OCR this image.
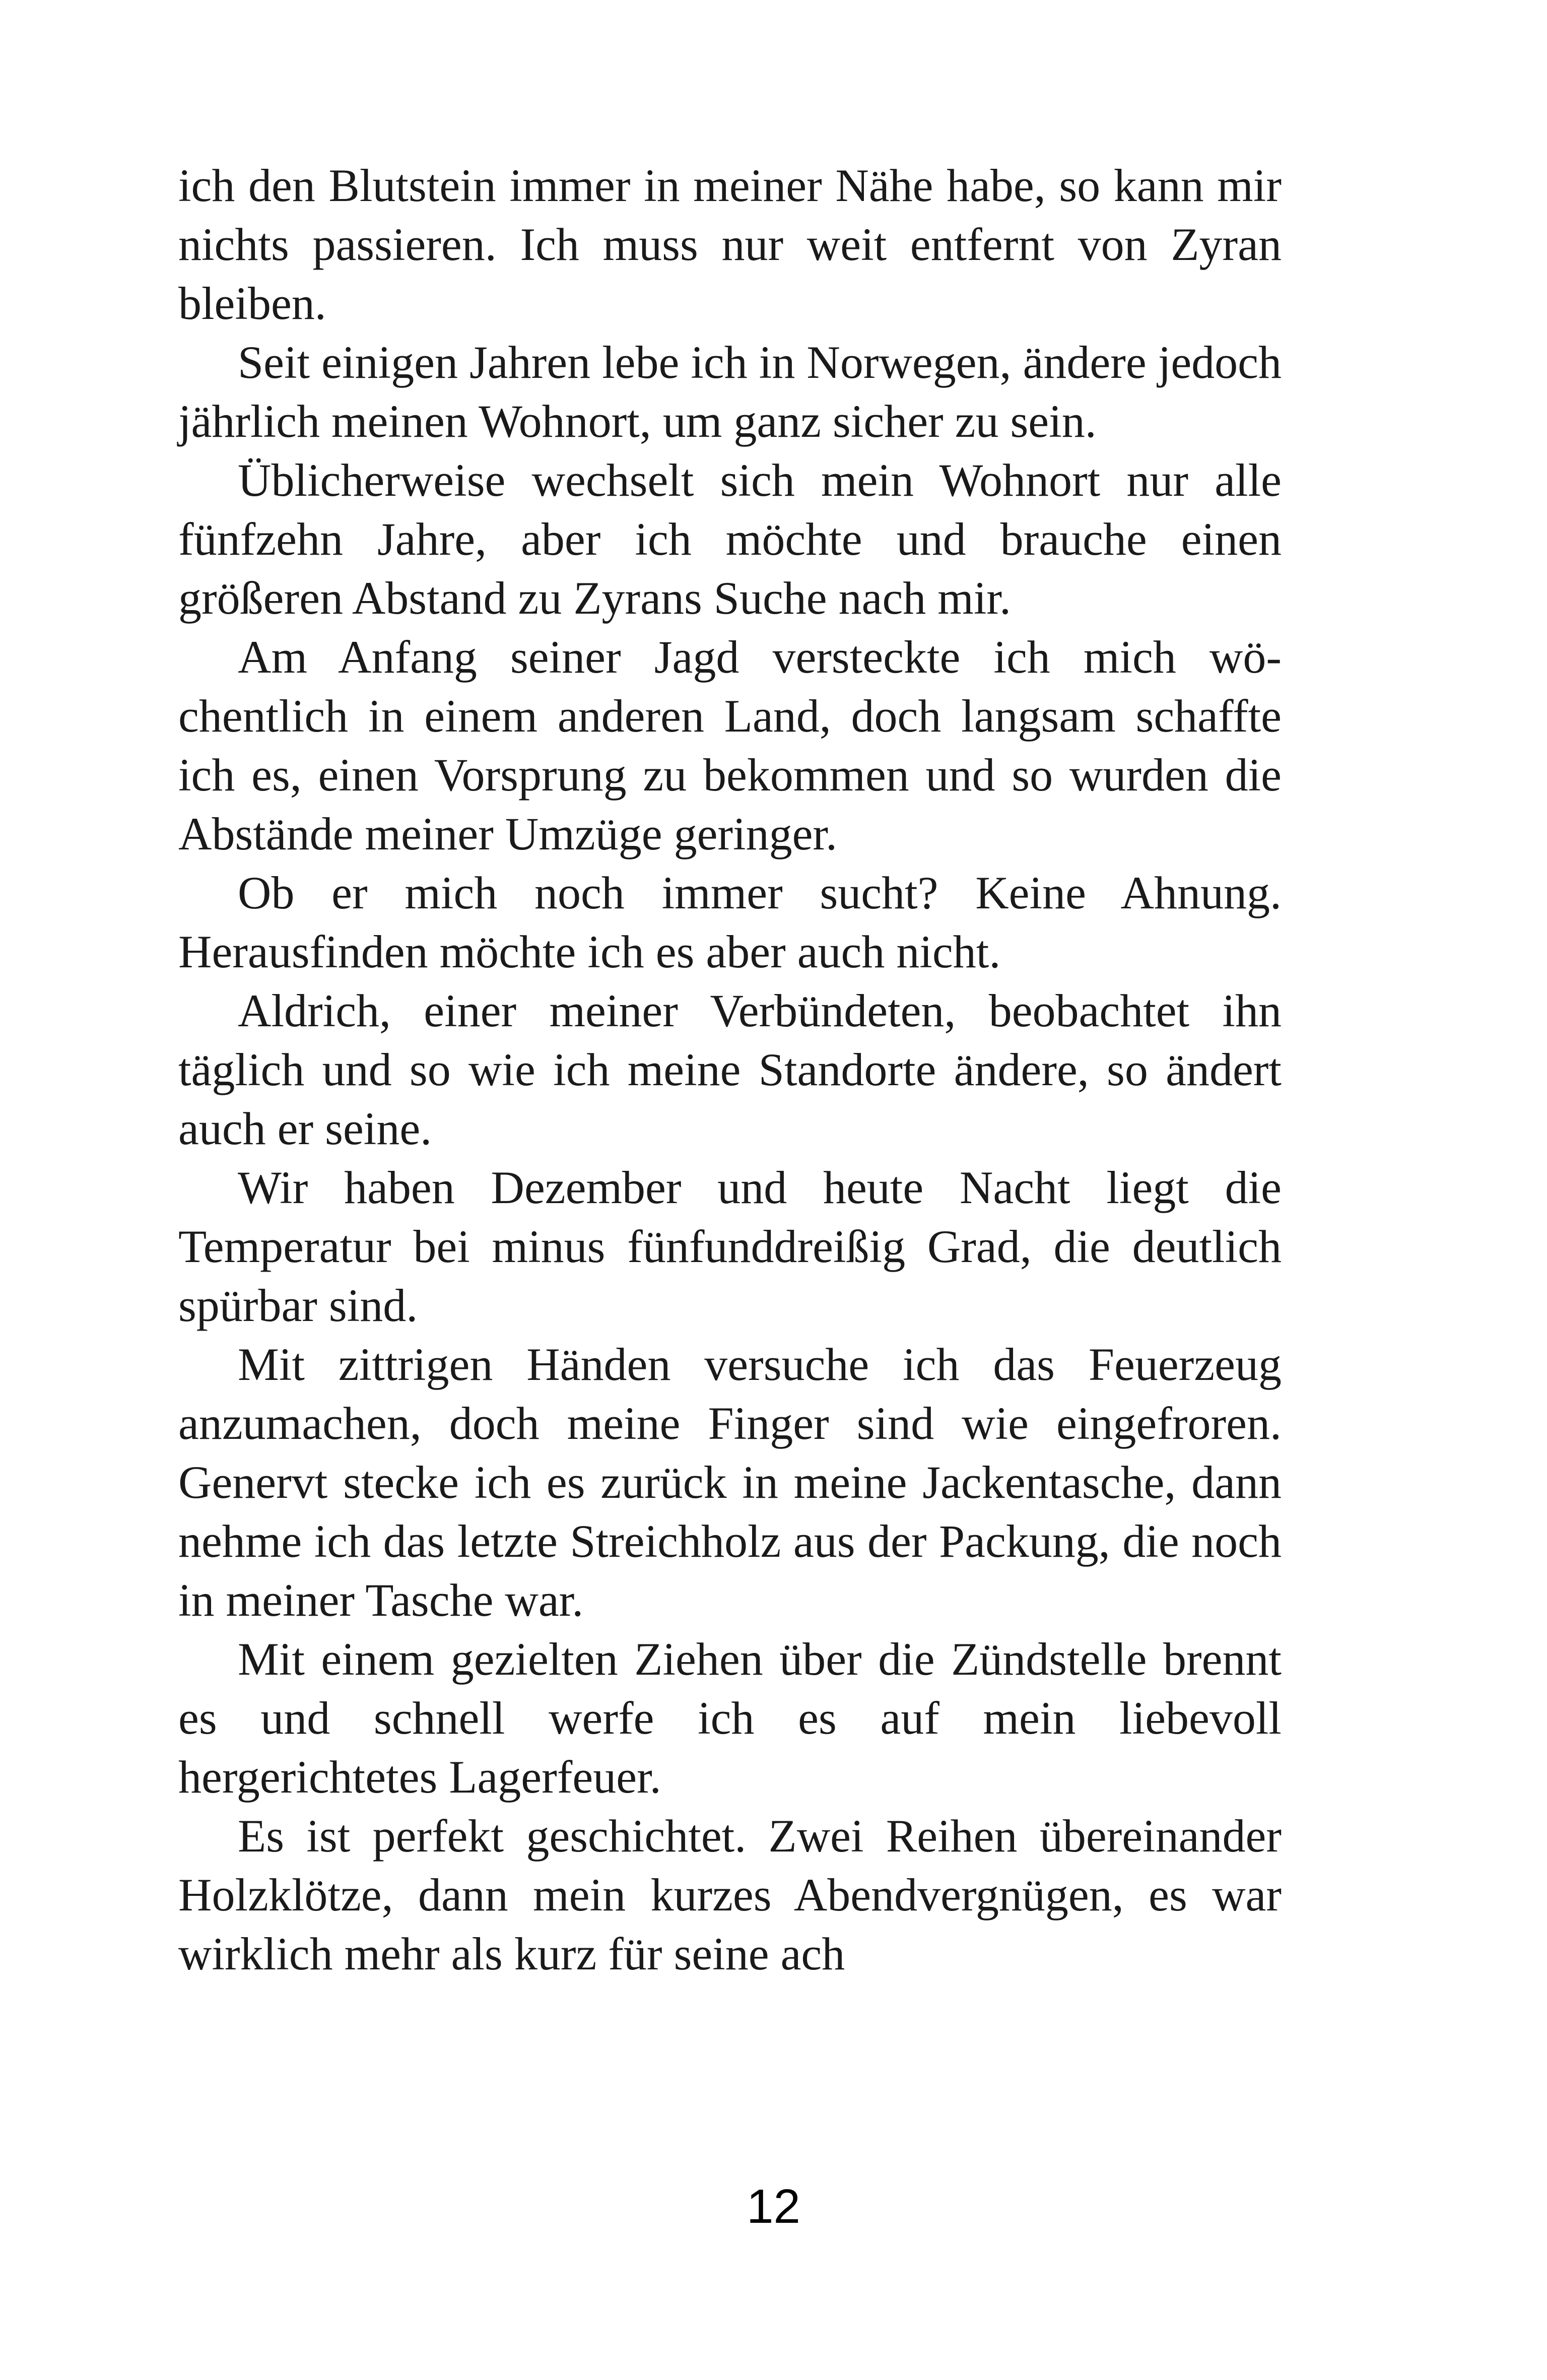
ich den Blutstein immer in meiner Nähe habe, so kann mir nichts passieren. Ich muss nur weit entfernt von Zyran bleiben.

Seit einigen Jahren lebe ich in Norwegen, ändere jedoch jährlich meinen Wohnort, um ganz sicher zu sein.

Üblicherweise wechselt sich mein Wohnort nur alle fünfzehn Jahre, aber ich möchte und brauche einen größeren Abstand zu Zyrans Suche nach mir.

Am Anfang seiner Jagd versteckte ich mich wöchentlich in einem anderen Land, doch langsam schaffte ich es, einen Vorsprung zu bekommen und so wurden die Abstände meiner Umzüge geringer.

Ob er mich noch immer sucht? Keine Ahnung. Herausfinden möchte ich es aber auch nicht.

Aldrich, einer meiner Verbündeten, beobachtet ihn täglich und so wie ich meine Standorte ändere, so ändert auch er seine.

Wir haben Dezember und heute Nacht liegt die Temperatur bei minus fünfunddreißig Grad, die deutlich spürbar sind.

Mit zittrigen Händen versuche ich das Feuerzeug anzumachen, doch meine Finger sind wie eingefroren. Genervt stecke ich es zurück in meine Jackentasche, dann nehme ich das letzte Streichholz aus der Packung, die noch in meiner Tasche war.

Mit einem gezielten Ziehen über die Zündstelle brennt es und schnell werfe ich es auf mein liebevoll hergerichtetes Lagerfeuer.

Es ist perfekt geschichtet. Zwei Reihen übereinander Holzklötze, dann mein kurzes Abendvergnügen, es war wirklich mehr als kurz für seine ach

12
